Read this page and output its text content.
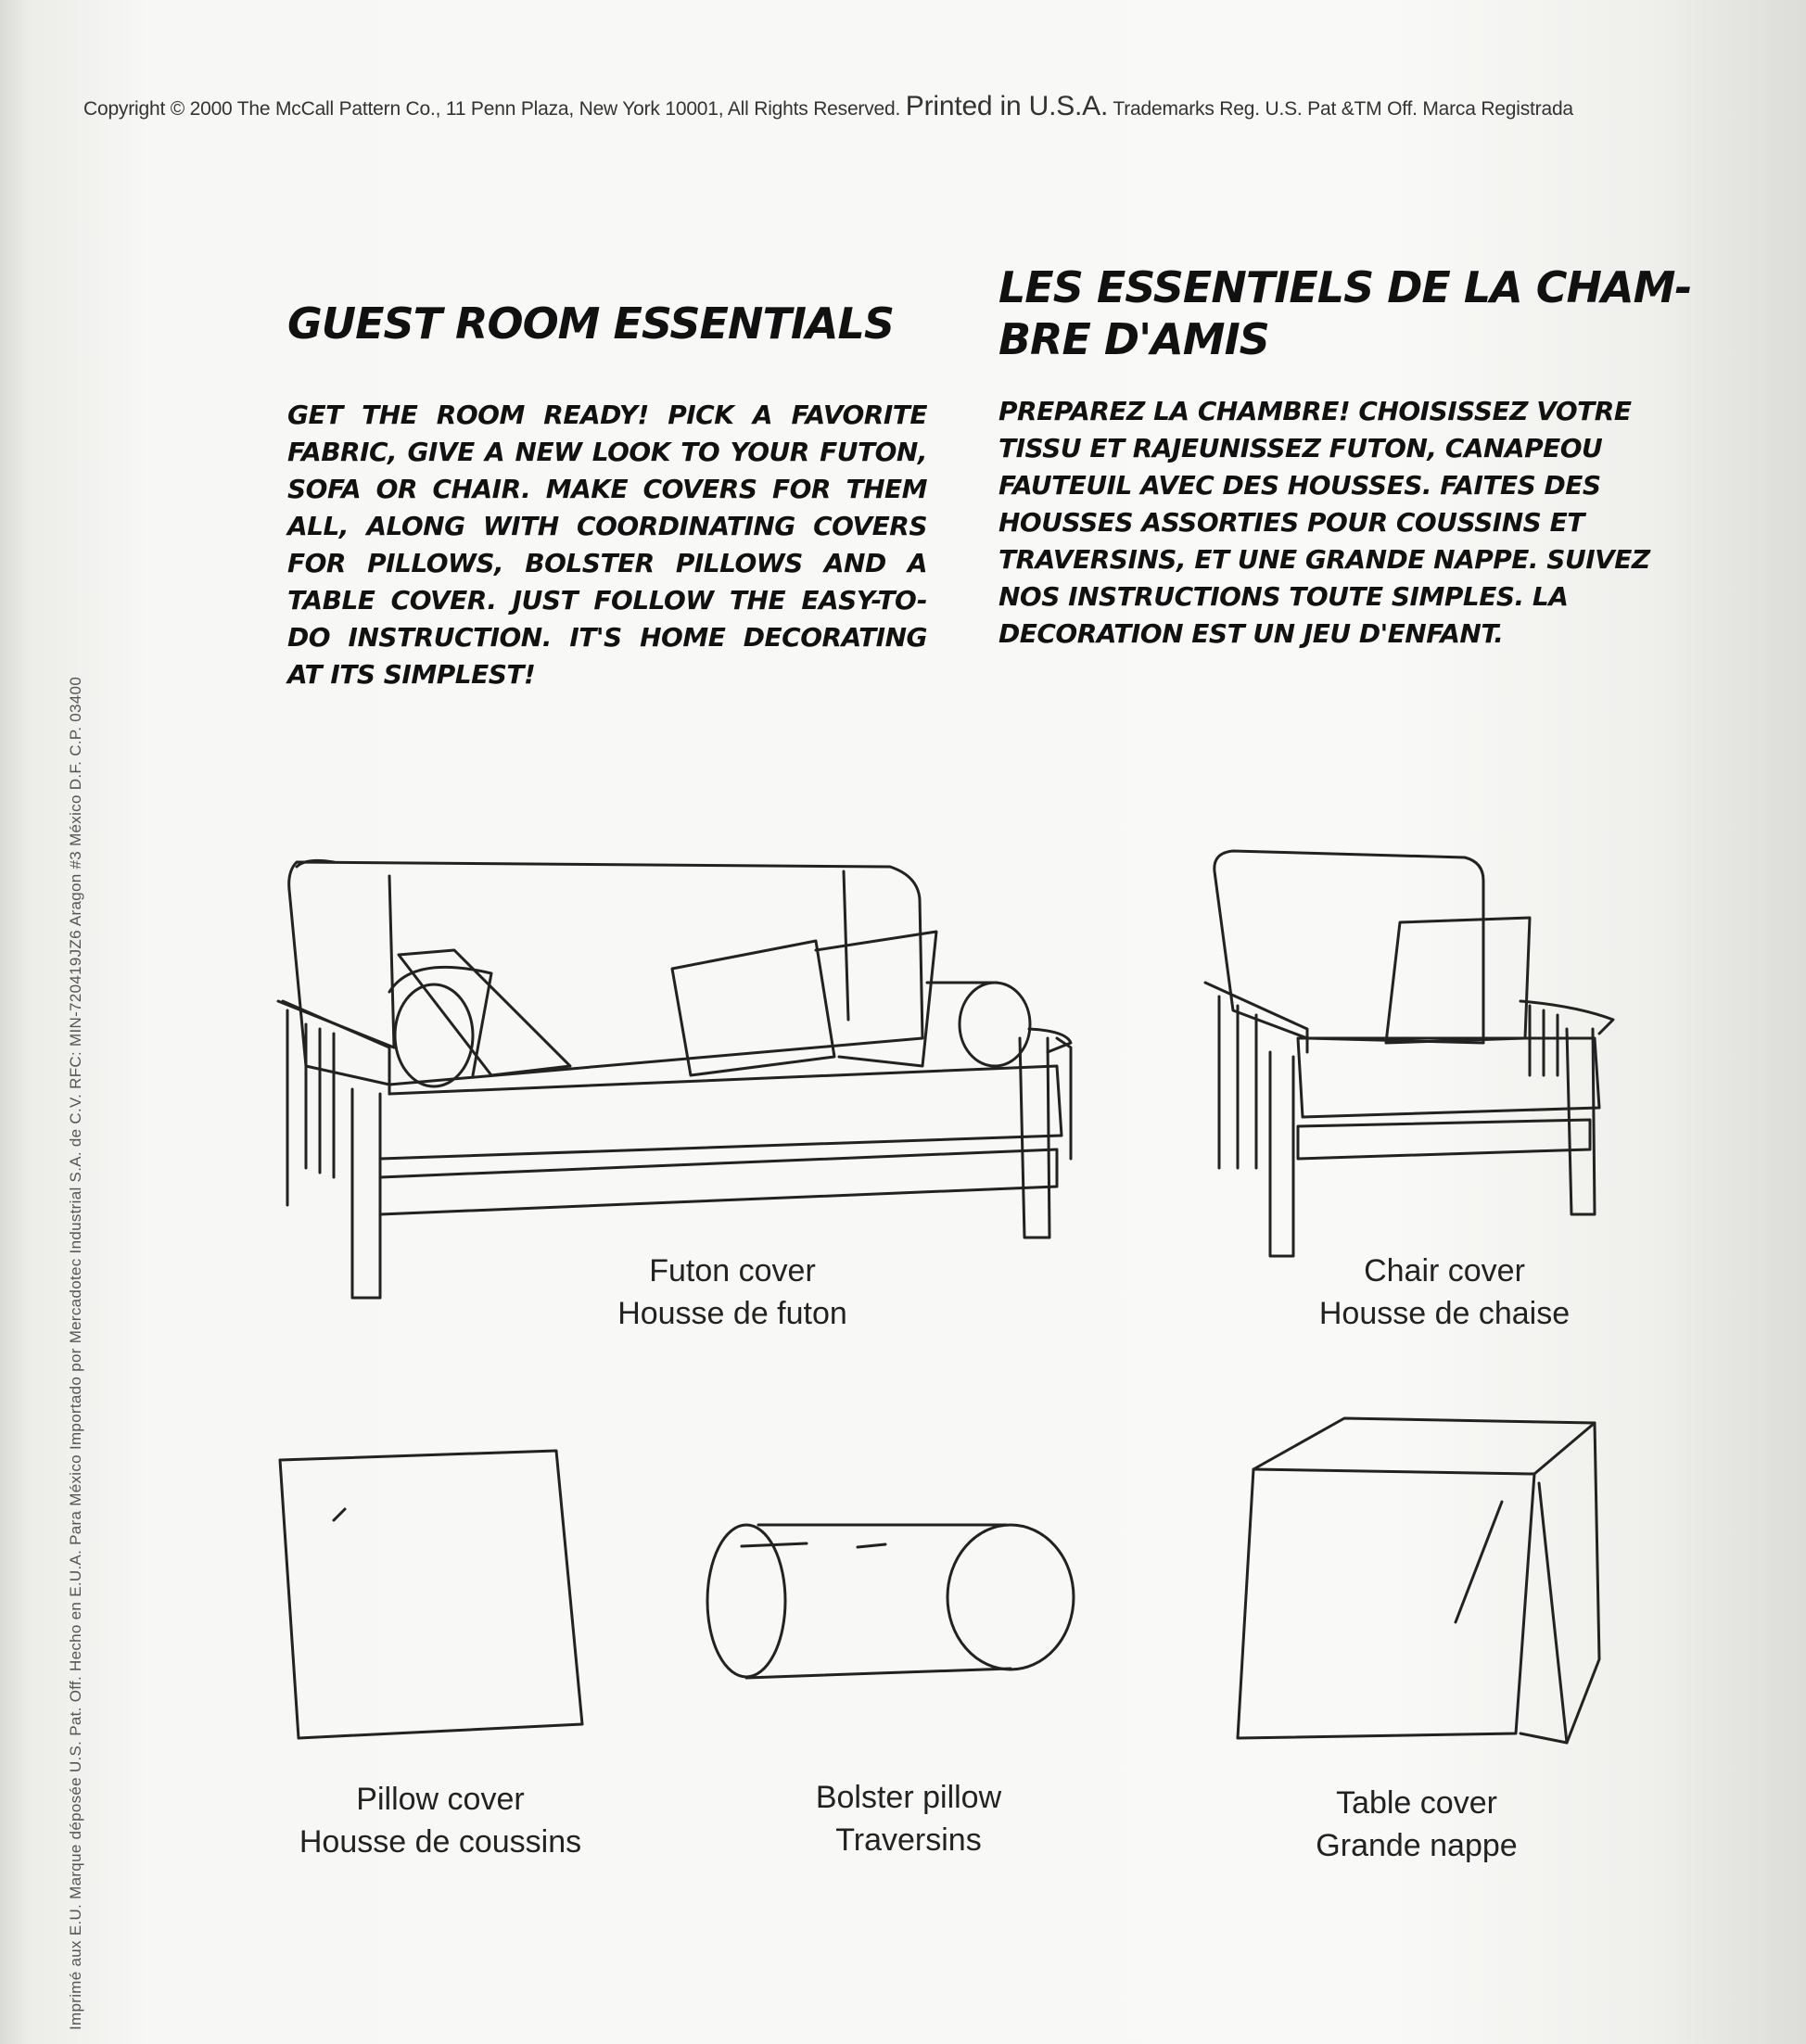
Copyright © 2000 The McCall Pattern Co., 11 Penn Plaza, New York 10001, All Rights Reserved. Printed in U.S.A. Trademarks Reg. U.S. Pat &TM Off. Marca Registrada
Imprimé aux E.U. Marque déposée U.S. Pat. Off. Hecho en E.U.A. Para México Importado por Mercadotec Industrial S.A. de C.V. RFC: MIN-720419JZ6 Aragon #3 México D.F. C.P. 03400
GUEST ROOM ESSENTIALS
LES ESSENTIELS DE LA CHAM-BRE D'AMIS
GET THE ROOM READY! PICK A FAVORITE FABRIC, GIVE A NEW LOOK TO YOUR FUTON, SOFA OR CHAIR. MAKE COVERS FOR THEM ALL, ALONG WITH COORDINATING COVERS FOR PILLOWS, BOLSTER PILLOWS AND A TABLE COVER. JUST FOLLOW THE EASY-TO-DO INSTRUCTION. IT'S HOME DECORATING AT ITS SIMPLEST!
PREPAREZ LA CHAMBRE! CHOISISSEZ VOTRE TISSU ET RAJEUNISSEZ FUTON, CANAPEOU FAUTEUIL AVEC DES HOUSSES. FAITES DES HOUSSES ASSORTIES POUR COUSSINS ET TRAVERSINS, ET UNE GRANDE NAPPE. SUIVEZ NOS INSTRUCTIONS TOUTE SIMPLES. LA DECORATION EST UN JEU D'ENFANT.
Futon cover
Housse de futon
Chair cover
Housse de chaise
Pillow cover
Housse de coussins
Bolster pillow
Traversins
Table cover
Grande nappe
